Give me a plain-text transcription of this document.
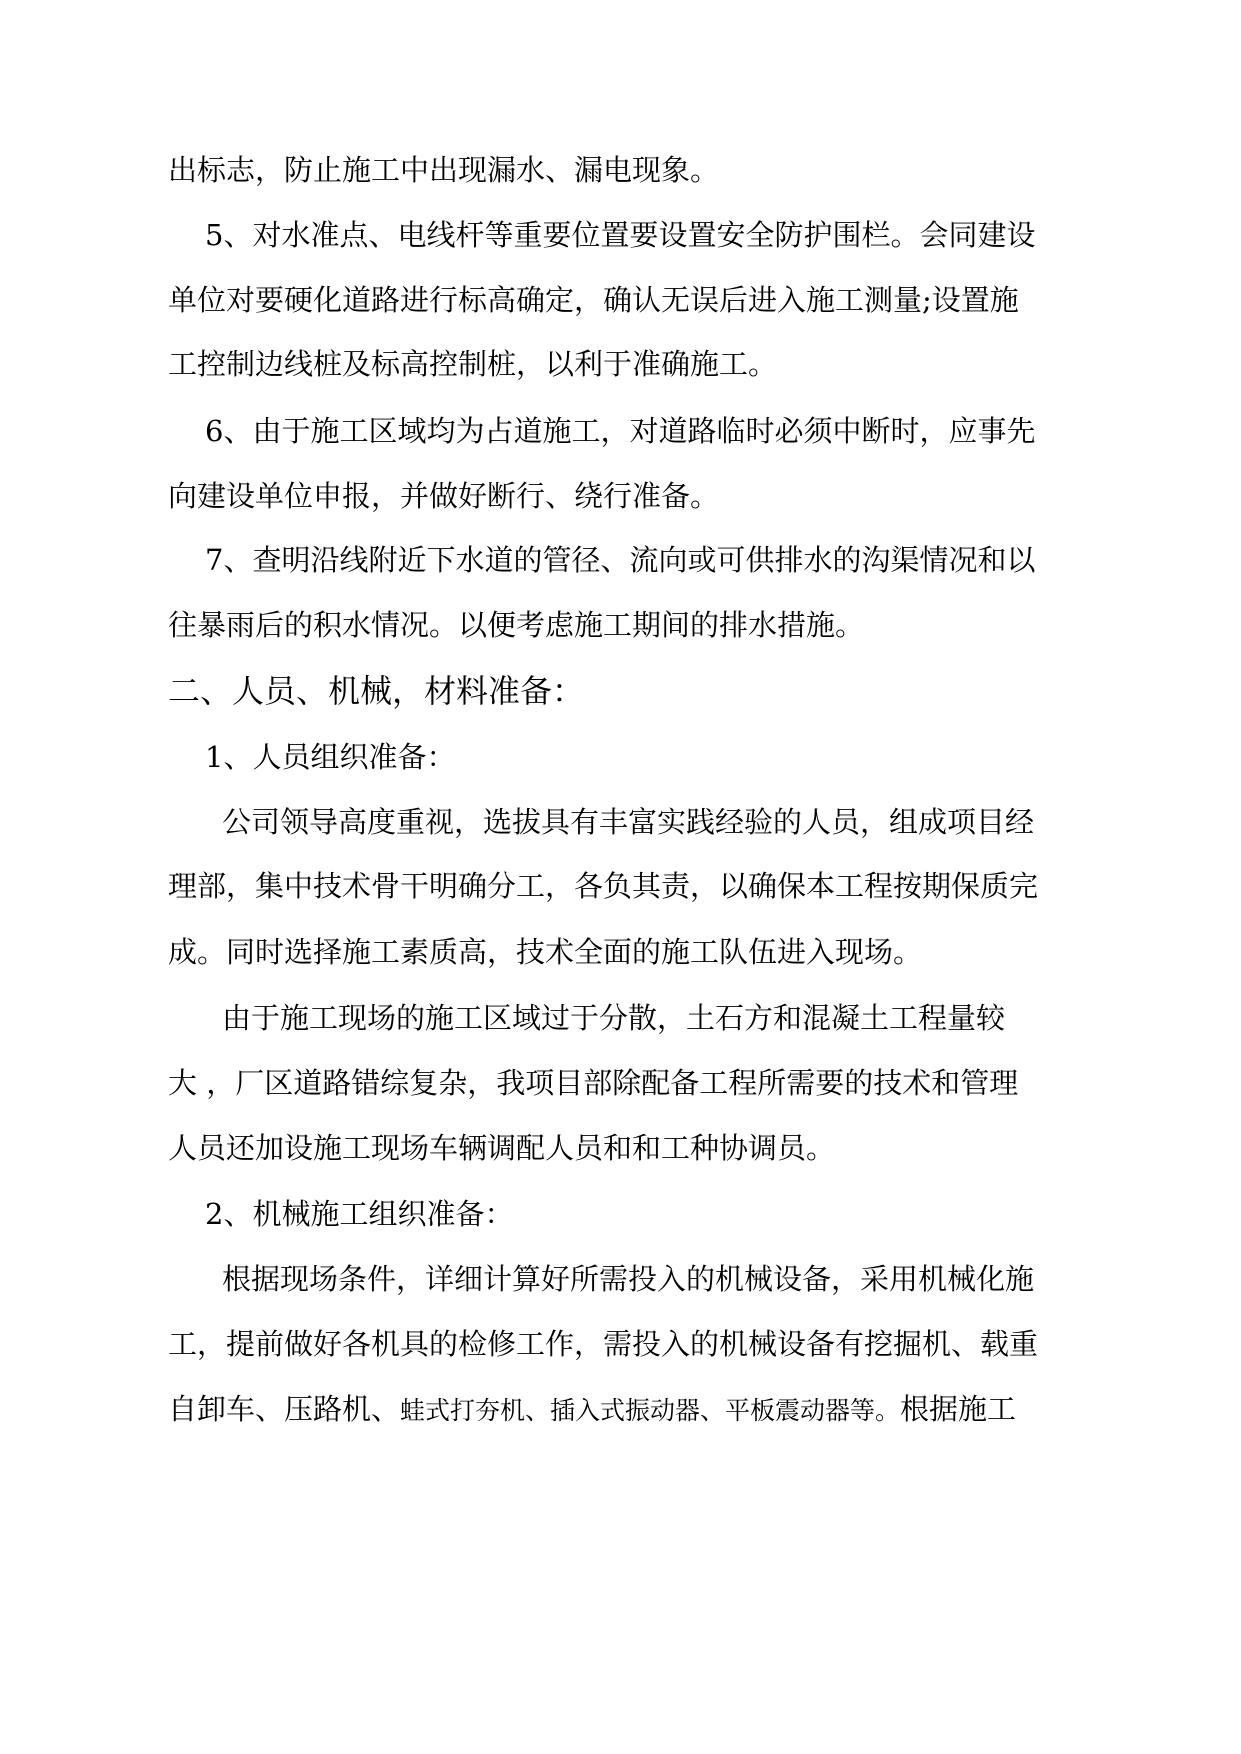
出标志，防止施工中出现漏水、漏电现象。
5、对水准点、电线杆等重要位置要设置安全防护围栏。会同建设
单位对要硬化道路进行标高确定，确认无误后进入施工测量;设置施
工控制边线桩及标高控制桩，以利于准确施工。
6、由于施工区域均为占道施工，对道路临时必须中断时，应事先
向建设单位申报，并做好断行、绕行准备。
7、查明沿线附近下水道的管径、流向或可供排水的沟渠情况和以
往暴雨后的积水情况。以便考虑施工期间的排水措施。
二、人员、机械，材料准备：
1、人员组织准备：
公司领导高度重视，选拔具有丰富实践经验的人员，组成项目经
理部，集中技术骨干明确分工，各负其责，以确保本工程按期保质完
成。同时选择施工素质高，技术全面的施工队伍进入现场。
由于施工现场的施工区域过于分散，土石方和混凝土工程量较
大 ，厂区道路错综复杂，我项目部除配备工程所需要的技术和管理
人员还加设施工现场车辆调配人员和和工种协调员。
2、机械施工组织准备：
根据现场条件，详细计算好所需投入的机械设备，采用机械化施
工，提前做好各机具的检修工作，需投入的机械设备有挖掘机、载重
自卸车、压路机、蛙式打夯机、插入式振动器、平板震动器等。根据施工
